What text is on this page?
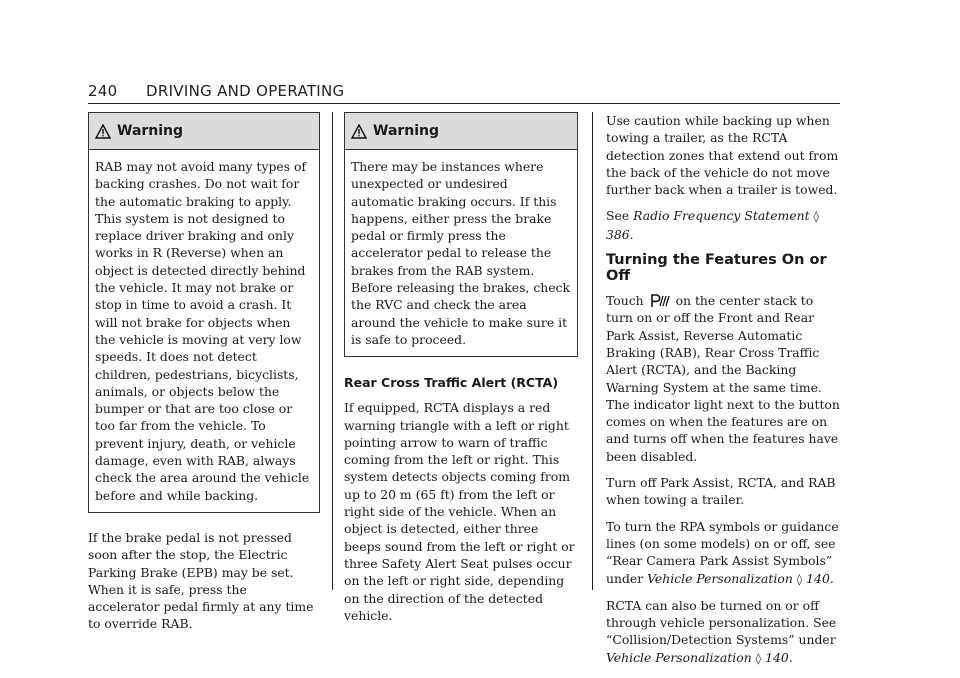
240 DRIVING AND OPERATING
Warning
RAB may not avoid many types of backing crashes. Do not wait for the automatic braking to apply. This system is not designed to replace driver braking and only works in R (Reverse) when an object is detected directly behind the vehicle. It may not brake or stop in time to avoid a crash. It will not brake for objects when the vehicle is moving at very low speeds. It does not detect children, pedestrians, bicyclists, animals, or objects below the bumper or that are too close or too far from the vehicle. To prevent injury, death, or vehicle damage, even with RAB, always check the area around the vehicle before and while backing.

If the brake pedal is not pressed soon after the stop, the Electric Parking Brake (EPB) may be set. When it is safe, press the accelerator pedal firmly at any time to override RAB.

Warning
There may be instances where unexpected or undesired automatic braking occurs. If this happens, either press the brake pedal or firmly press the accelerator pedal to release the brakes from the RAB system. Before releasing the brakes, check the RVC and check the area around the vehicle to make sure it is safe to proceed.
Rear Cross Traffic Alert (RCTA)

If equipped, RCTA displays a red warning triangle with a left or right pointing arrow to warn of traffic coming from the left or right. This system detects objects coming from up to 20 m (65 ft) from the left or right side of the vehicle. When an object is detected, either three beeps sound from the left or right or three Safety Alert Seat pulses occur on the left or right side, depending on the direction of the detected vehicle.

Use caution while backing up when towing a trailer, as the RCTA detection zones that extend out from the back of the vehicle do not move further back when a trailer is towed.

See Radio Frequency Statement ◊ 386.

Turning the Features On or Off

Touch	on the center stack to turn on or off the Front and Rear Park Assist, Reverse Automatic Braking (RAB), Rear Cross Traffic Alert (RCTA), and the Backing Warning System at the same time. The indicator light next to the button comes on when the features are on and turns off when the features have been disabled.

Turn off Park Assist, RCTA, and RAB when towing a trailer.

To turn the RPA symbols or guidance lines (on some models) on or off, see “Rear Camera Park Assist Symbols” under Vehicle Personalization ◊ 140.

RCTA can also be turned on or off through vehicle personalization. See “Collision/Detection Systems” under Vehicle Personalization ◊ 140.
